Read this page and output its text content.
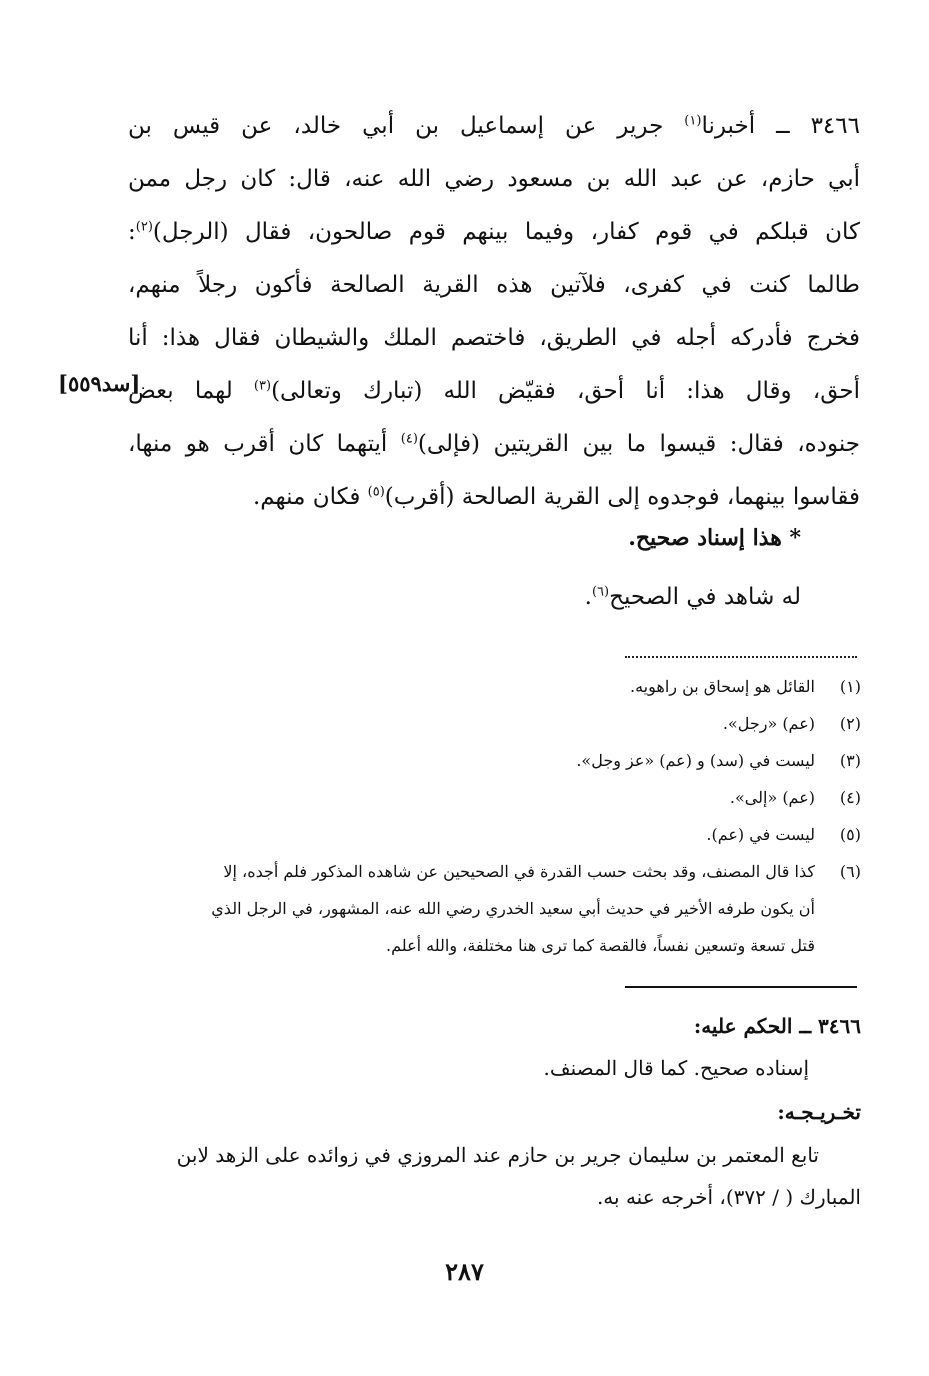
٣٤٦٦ ــ أخبرنا$^{(١)}$ جرير عن إسماعيل بن أبي خالد، عن قيس بن
أبي حازم، عن عبد الله بن مسعود رضي الله عنه، قال: كان رجل ممن
كان قبلكم في قوم كفار، وفيما بينهم قوم صالحون، فقال (الرجل)$^{(٢)}$:
طالما كنت في كفرى، فلآتين هذه القرية الصالحة فأكون رجلاً منهم،
فخرج فأدركه أجله في الطريق، فاختصم الملك والشيطان فقال هذا: أنا
أحق، وقال هذا: أنا أحق، فقيّض الله (تبارك وتعالى)$^{(٣)}$ لهما بعض
جنوده، فقال: قيسوا ما بين القريتين (فإلى)$^{(٤)}$ أيتهما كان أقرب هو منها،
فقاسوا بينهما، فوجدوه إلى القرية الصالحة (أقرب)$^{(٥)}$ فكان منهم.
[سد٥٥٩]
* هذا إسناد صحيح.
له شاهد في الصحيح$^{(٦)}$.
(١)القائل هو إسحاق بن راهويه.
(٢)(عم) «رجل».
(٣)ليست في (سد) و (عم) «عز وجل».
(٤)(عم) «إلى».
(٥)ليست في (عم).
(٦)كذا قال المصنف، وقد بحثت حسب القدرة في الصحيحين عن شاهده المذكور فلم أجده، إلا
أن يكون طرفه الأخير في حديث أبي سعيد الخدري رضي الله عنه، المشهور، في الرجل الذي
قتل تسعة وتسعين نفساً، فالقصة كما ترى هنا مختلفة، والله أعلم.
٣٤٦٦ ــ الحكم عليه:
إسناده صحيح. كما قال المصنف.
تخـريـجـه:
تابع المعتمر بن سليمان جرير بن حازم عند المروزي في زوائده على الزهد لابن
المبارك ( / ٣٧٢)، أخرجه عنه به.
٢٨٧
